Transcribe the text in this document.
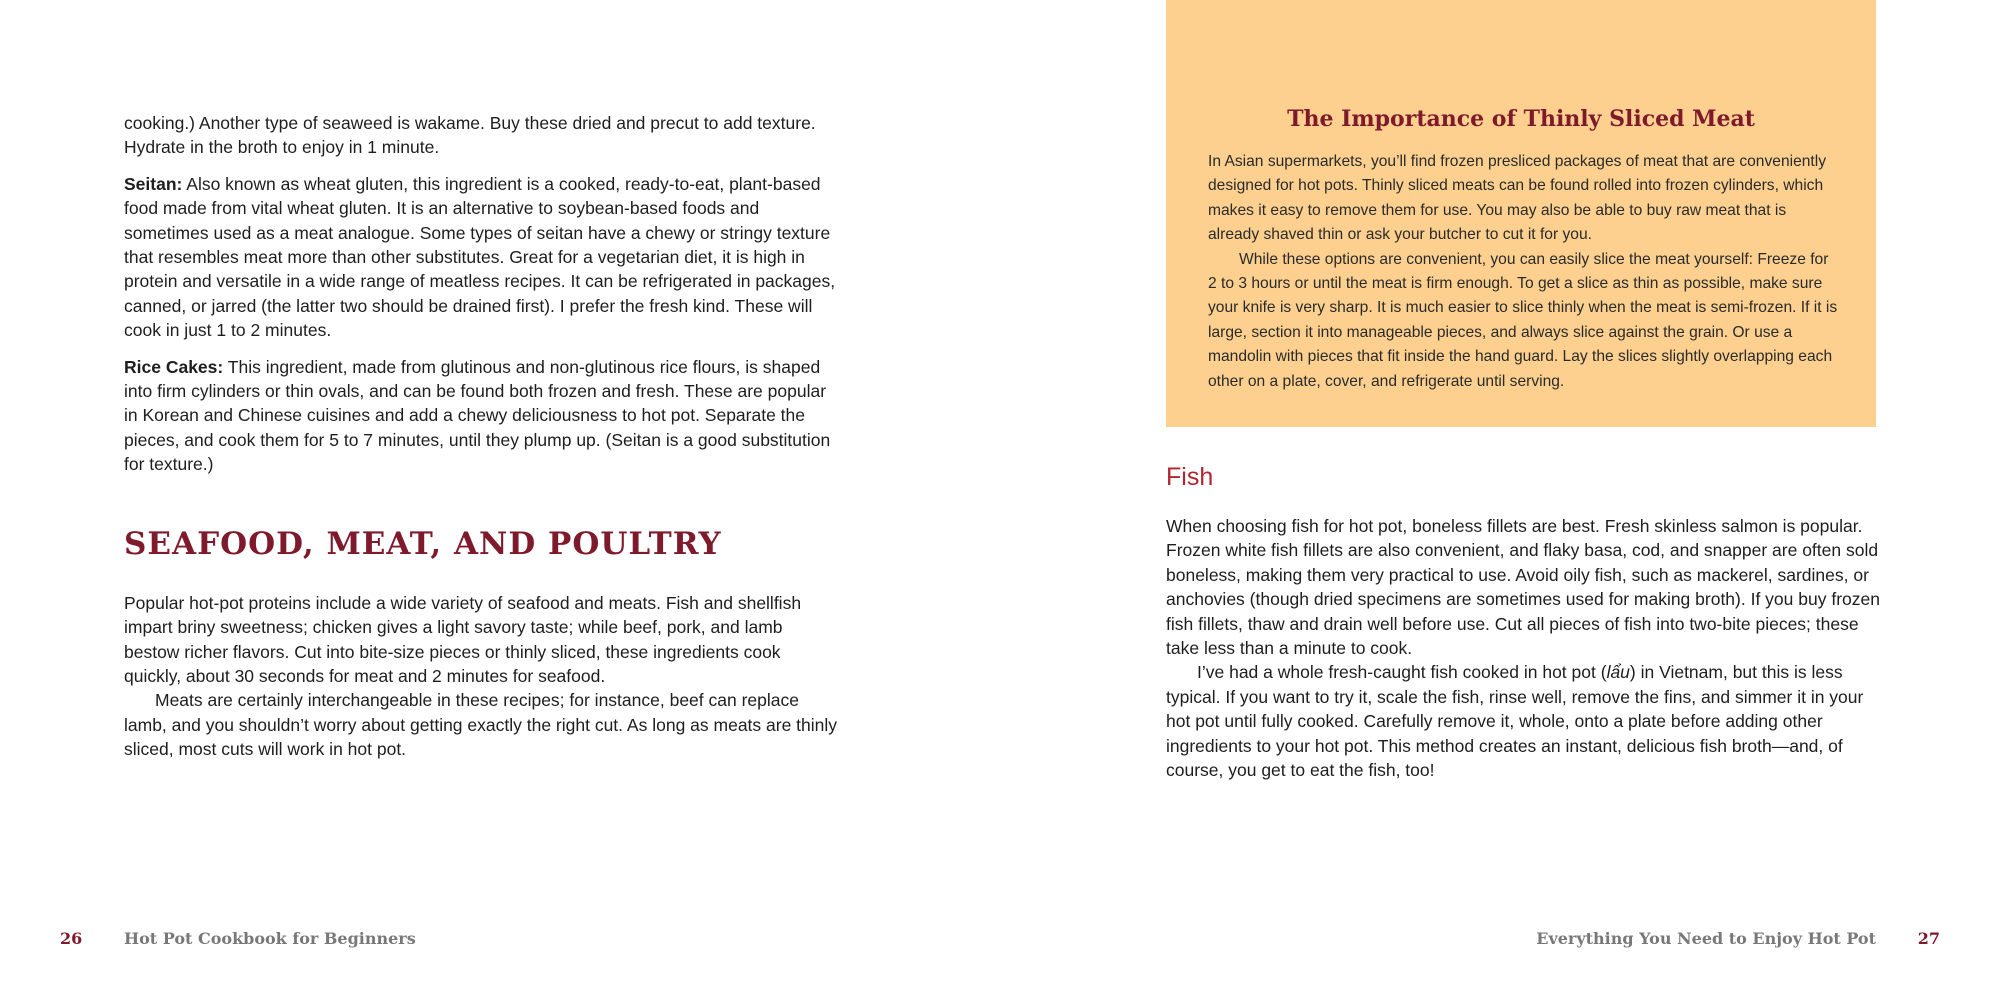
cooking.) Another type of seaweed is wakame. Buy these dried and precut to add texture. Hydrate in the broth to enjoy in 1 minute.

Seitan: Also known as wheat gluten, this ingredient is a cooked, ready-to-eat, plant-based food made from vital wheat gluten. It is an alternative to soybean-based foods and sometimes used as a meat analogue. Some types of seitan have a chewy or stringy texture that resembles meat more than other substitutes. Great for a vegetarian diet, it is high in protein and versatile in a wide range of meatless recipes. It can be refrigerated in packages, canned, or jarred (the latter two should be drained first). I prefer the fresh kind. These will cook in just 1 to 2 minutes.

Rice Cakes: This ingredient, made from glutinous and non-glutinous rice flours, is shaped into firm cylinders or thin ovals, and can be found both frozen and fresh. These are popular in Korean and Chinese cuisines and add a chewy deliciousness to hot pot. Separate the pieces, and cook them for 5 to 7 minutes, until they plump up. (Seitan is a good substitution for texture.)

SEAFOOD, MEAT, AND POULTRY

Popular hot-pot proteins include a wide variety of seafood and meats. Fish and shellfish impart briny sweetness; chicken gives a light savory taste; while beef, pork, and lamb bestow richer flavors. Cut into bite-size pieces or thinly sliced, these ingredients cook quickly, about 30 seconds for meat and 2 minutes for seafood.

Meats are certainly interchangeable in these recipes; for instance, beef can replace lamb, and you shouldn’t worry about getting exactly the right cut. As long as meats are thinly sliced, most cuts will work in hot pot.

26	Hot Pot Cookbook for Beginners
The Importance of Thinly Sliced Meat

In Asian supermarkets, you’ll find frozen presliced packages of meat that are conveniently designed for hot pots. Thinly sliced meats can be found rolled into frozen cylinders, which makes it easy to remove them for use. You may also be able to buy raw meat that is already shaved thin or ask your butcher to cut it for you.

While these options are convenient, you can easily slice the meat yourself: Freeze for 2 to 3 hours or until the meat is firm enough. To get a slice as thin as possible, make sure your knife is very sharp. It is much easier to slice thinly when the meat is semi-frozen. If it is large, section it into manageable pieces, and always slice against the grain. Or use a mandolin with pieces that fit inside the hand guard. Lay the slices slightly overlapping each other on a plate, cover, and refrigerate until serving.

Fish

When choosing fish for hot pot, boneless fillets are best. Fresh skinless salmon is popular. Frozen white fish fillets are also convenient, and flaky basa, cod, and snapper are often sold boneless, making them very practical to use. Avoid oily fish, such as mackerel, sardines, or anchovies (though dried specimens are sometimes used for making broth). If you buy frozen fish fillets, thaw and drain well before use. Cut all pieces of fish into two-bite pieces; these take less than a minute to cook.

I’ve had a whole fresh-caught fish cooked in hot pot (lẩu) in Vietnam, but this is less typical. If you want to try it, scale the fish, rinse well, remove the fins, and simmer it in your hot pot until fully cooked. Carefully remove it, whole, onto a plate before adding other ingredients to your hot pot. This method creates an instant, delicious fish broth—and, of course, you get to eat the fish, too!

Everything You Need to Enjoy Hot Pot	27
